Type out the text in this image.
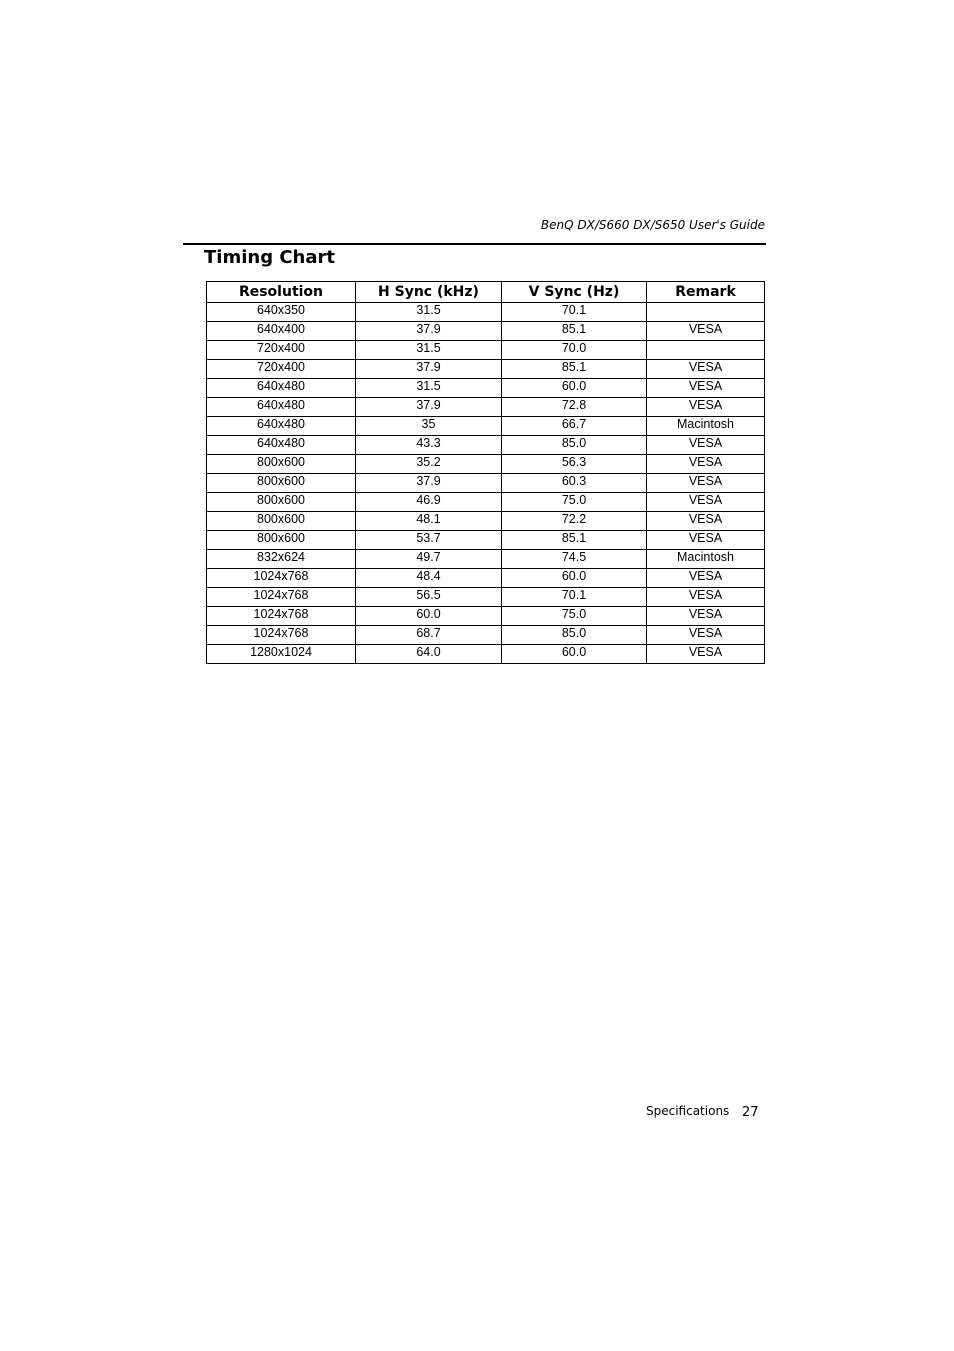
BenQ DX/S660 DX/S650 User's Guide
Timing Chart
Resolution	H Sync (kHz)	V Sync (Hz)	Remark
640x350	31.5	70.1	
640x400	37.9	85.1	VESA
720x400	31.5	70.0	
720x400	37.9	85.1	VESA
640x480	31.5	60.0	VESA
640x480	37.9	72.8	VESA
640x480	35	66.7	Macintosh
640x480	43.3	85.0	VESA
800x600	35.2	56.3	VESA
800x600	37.9	60.3	VESA
800x600	46.9	75.0	VESA
800x600	48.1	72.2	VESA
800x600	53.7	85.1	VESA
832x624	49.7	74.5	Macintosh
1024x768	48.4	60.0	VESA
1024x768	56.5	70.1	VESA
1024x768	60.0	75.0	VESA
1024x768	68.7	85.0	VESA
1280x1024	64.0	60.0	VESA
Specifications 27
